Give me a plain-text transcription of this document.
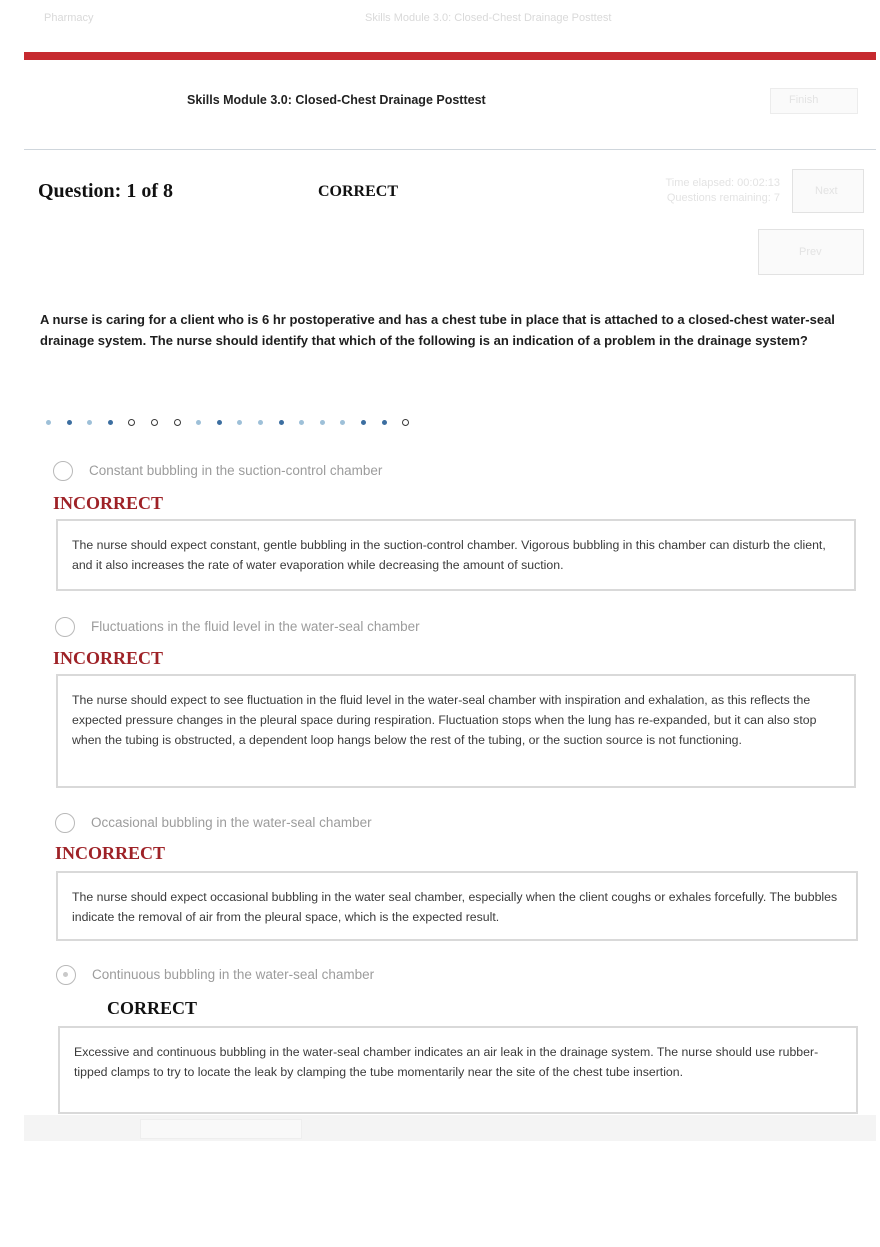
Pharmacy	Skills Module 3.0: Closed-Chest Drainage Posttest
Skills Module 3.0: Closed-Chest Drainage Posttest	Finish
Question: 1 of 8	CORRECT	Time elapsed: 00:02:13
Questions remaining: 7
Next
Prev
A nurse is caring for a client who is 6 hr postoperative and has a chest tube in place that is attached to a closed-chest water-seal drainage system. The nurse should identify that which of the following is an indication of a problem in the drainage system?
Constant bubbling in the suction-control chamber
INCORRECT
The nurse should expect constant, gentle bubbling in the suction-control chamber. Vigorous bubbling in this chamber can disturb the client, and it also increases the rate of water evaporation while decreasing the amount of suction.
Fluctuations in the fluid level in the water-seal chamber
INCORRECT
The nurse should expect to see fluctuation in the fluid level in the water-seal chamber with inspiration and exhalation, as this reflects the expected pressure changes in the pleural space during respiration. Fluctuation stops when the lung has re-expanded, but it can also stop when the tubing is obstructed, a dependent loop hangs below the rest of the tubing, or the suction source is not functioning.
Occasional bubbling in the water-seal chamber
INCORRECT
The nurse should expect occasional bubbling in the water seal chamber, especially when the client coughs or exhales forcefully. The bubbles indicate the removal of air from the pleural space, which is the expected result.
Continuous bubbling in the water-seal chamber
CORRECT
Excessive and continuous bubbling in the water-seal chamber indicates an air leak in the drainage system. The nurse should use rubber-tipped clamps to try to locate the leak by clamping the tube momentarily near the site of the chest tube insertion.
